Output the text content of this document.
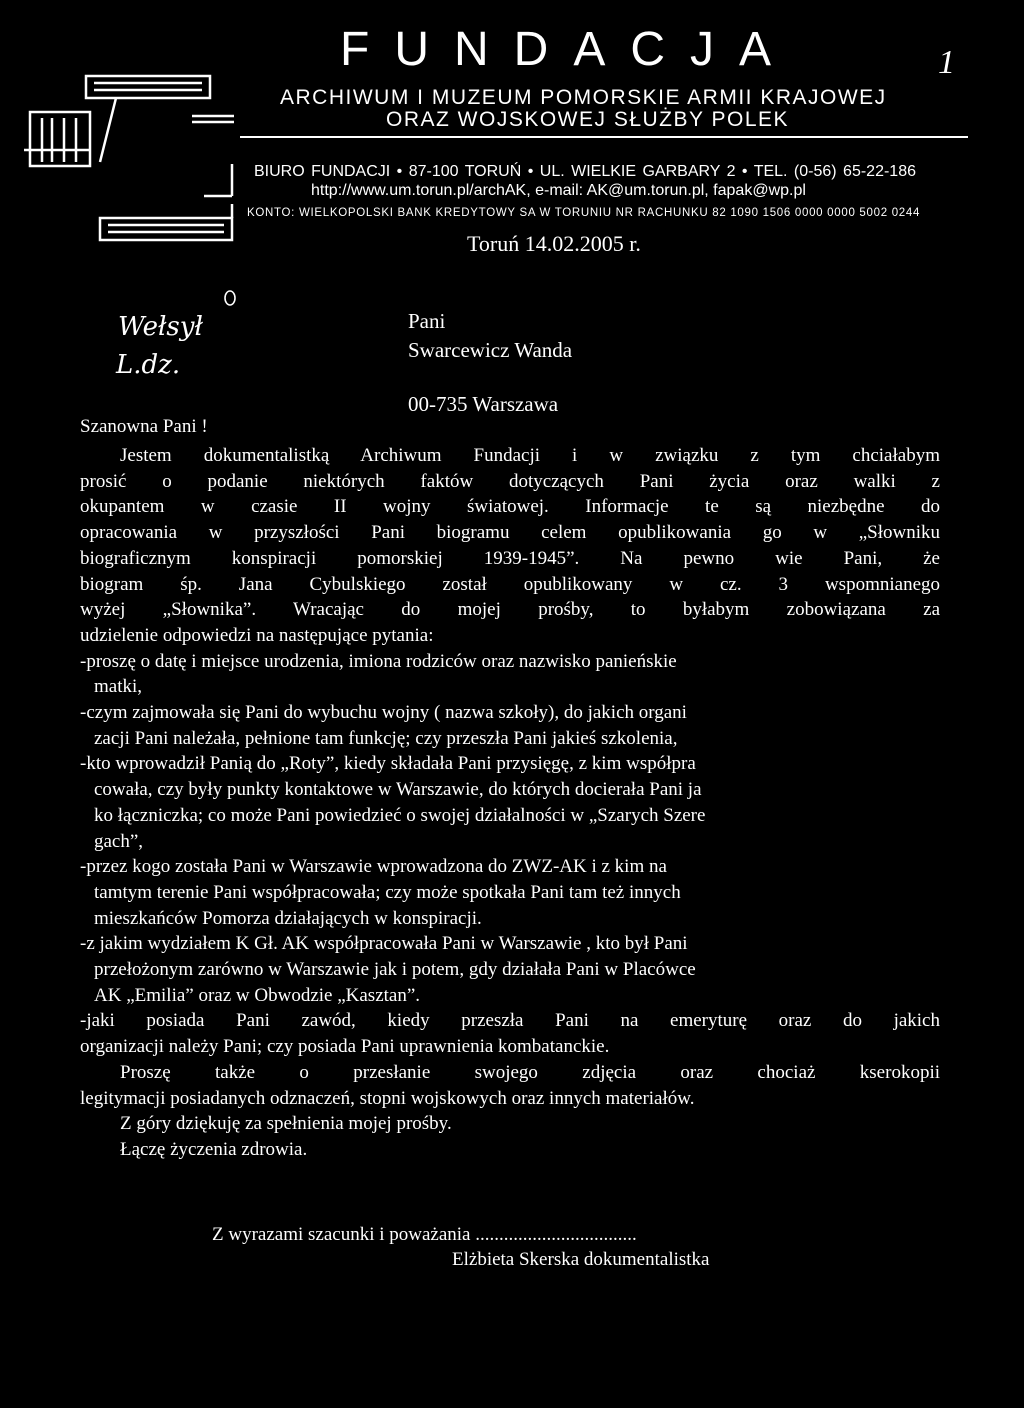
FUNDACJA	1
ARCHIWUM I MUZEUM POMORSKIE ARMII KRAJOWEJ
ORAZ WOJSKOWEJ SŁUŻBY POLEK
BIURO FUNDACJI • 87-100 TORUŃ • UL. WIELKIE GARBARY 2 • TEL. (0-56) 65-22-186
http://www.um.torun.pl/archAK, e-mail: AK@um.torun.pl, fapak@wp.pl
KONTO: WIELKOPOLSKI BANK KREDYTOWY SA W TORUNIU NR RACHUNKU 82 1090 1506 0000 0000 5002 0244
Toruń 14.02.2005 r.
Wełsył
L.dz.
Pani
Swarcewicz Wanda
00-735 Warszawa
Szanowna Pani !

Jestem dokumentalistką Archiwum Fundacji i w związku z tym chciałabym

prosić o podanie niektórych faktów dotyczących Pani życia oraz walki z

okupantem w czasie II wojny światowej. Informacje te są niezbędne do

opracowania w przyszłości Pani biogramu celem opublikowania go w „Słowniku

biograficznym konspiracji pomorskiej 1939-1945”. Na pewno wie Pani, że

biogram śp. Jana Cybulskiego został opublikowany w cz. 3 wspomnianego

wyżej „Słownika”. Wracając do mojej prośby, to byłabym zobowiązana za

udzielenie odpowiedzi na następujące pytania:

-proszę o datę i miejsce urodzenia, imiona rodziców oraz nazwisko panieńskie

matki,

-czym zajmowała się Pani do wybuchu wojny ( nazwa szkoły), do jakich organi

zacji Pani należała, pełnione tam funkcję; czy przeszła Pani jakieś szkolenia,

-kto wprowadził Panią do „Roty”, kiedy składała Pani przysięgę, z kim współpra

cowała, czy były punkty kontaktowe w Warszawie, do których docierała Pani ja

ko łączniczka; co może Pani powiedzieć o swojej działalności w „Szarych Szere

gach”,

-przez kogo została Pani w Warszawie wprowadzona do ZWZ-AK i z kim na

tamtym terenie Pani współpracowała; czy może spotkała Pani tam też innych

mieszkańców Pomorza działających w konspiracji.

-z jakim wydziałem K Gł. AK współpracowała Pani w Warszawie , kto był Pani

przełożonym zarówno w Warszawie jak i potem, gdy działała Pani w Placówce

AK „Emilia” oraz w Obwodzie „Kasztan”.

-jaki posiada Pani zawód, kiedy przeszła Pani na emeryturę oraz do jakich

organizacji należy Pani; czy posiada Pani uprawnienia kombatanckie.

Proszę także o przesłanie swojego zdjęcia oraz chociaż kserokopii

legitymacji posiadanych odznaczeń, stopni wojskowych oraz innych materiałów.

Z góry dziękuję za spełnienia mojej prośby.

Łączę życzenia zdrowia.

Z wyrazami szacunki i poważania ..................................
Elżbieta Skerska dokumentalistka
